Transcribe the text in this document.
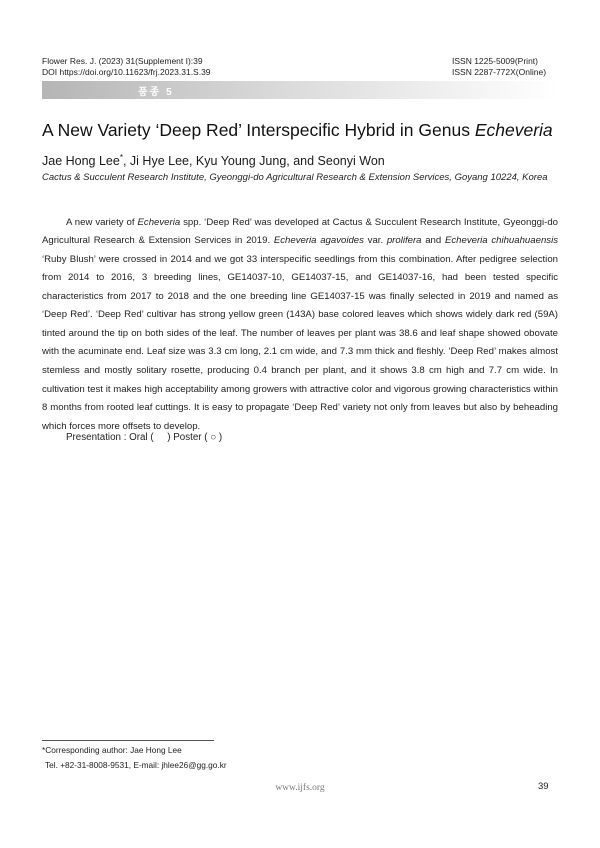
Flower Res. J. (2023) 31(Supplement I):39
DOI https://doi.org/10.11623/frj.2023.31.S.39
ISSN 1225-5009(Print)
ISSN 2287-772X(Online)
품종 5
A New Variety ‘Deep Red’ Interspecific Hybrid in Genus Echeveria
Jae Hong Lee*, Ji Hye Lee, Kyu Young Jung, and Seonyi Won
Cactus & Succulent Research Institute, Gyeonggi-do Agricultural Research & Extension Services, Goyang 10224, Korea

A new variety of Echeveria spp. ‘Deep Red’ was developed at Cactus & Succulent Research Institute, Gyeonggi-do Agricultural Research & Extension Services in 2019. Echeveria agavoides var. prolifera and Echeveria chihuahuaensis ‘Ruby Blush’ were crossed in 2014 and we got 33 interspecific seedlings from this combination. After pedigree selection from 2014 to 2016, 3 breeding lines, GE14037-10, GE14037-15, and GE14037-16, had been tested specific characteristics from 2017 to 2018 and the one breeding line GE14037-15 was finally selected in 2019 and named as ‘Deep Red’. ‘Deep Red’ cultivar has strong yellow green (143A) base colored leaves which shows widely dark red (59A) tinted around the tip on both sides of the leaf. The number of leaves per plant was 38.6 and leaf shape showed obovate with the acuminate end. Leaf size was 3.3 cm long, 2.1 cm wide, and 7.3 mm thick and fleshly. ‘Deep Red’ makes almost stemless and mostly solitary rosette, producing 0.4 branch per plant, and it shows 3.8 cm high and 7.7 cm wide. In cultivation test it makes high acceptability among growers with attractive color and vigorous growing characteristics within 8 months from rooted leaf cuttings. It is easy to propagate ‘Deep Red’ variety not only from leaves but also by beheading which forces more offsets to develop.

Presentation : Oral (     ) Poster ( ○ )
*Corresponding author: Jae Hong Lee
Tel. +82-31-8008-9531, E-mail: jhlee26@gg.go.kr
www.ijfs.org	39
